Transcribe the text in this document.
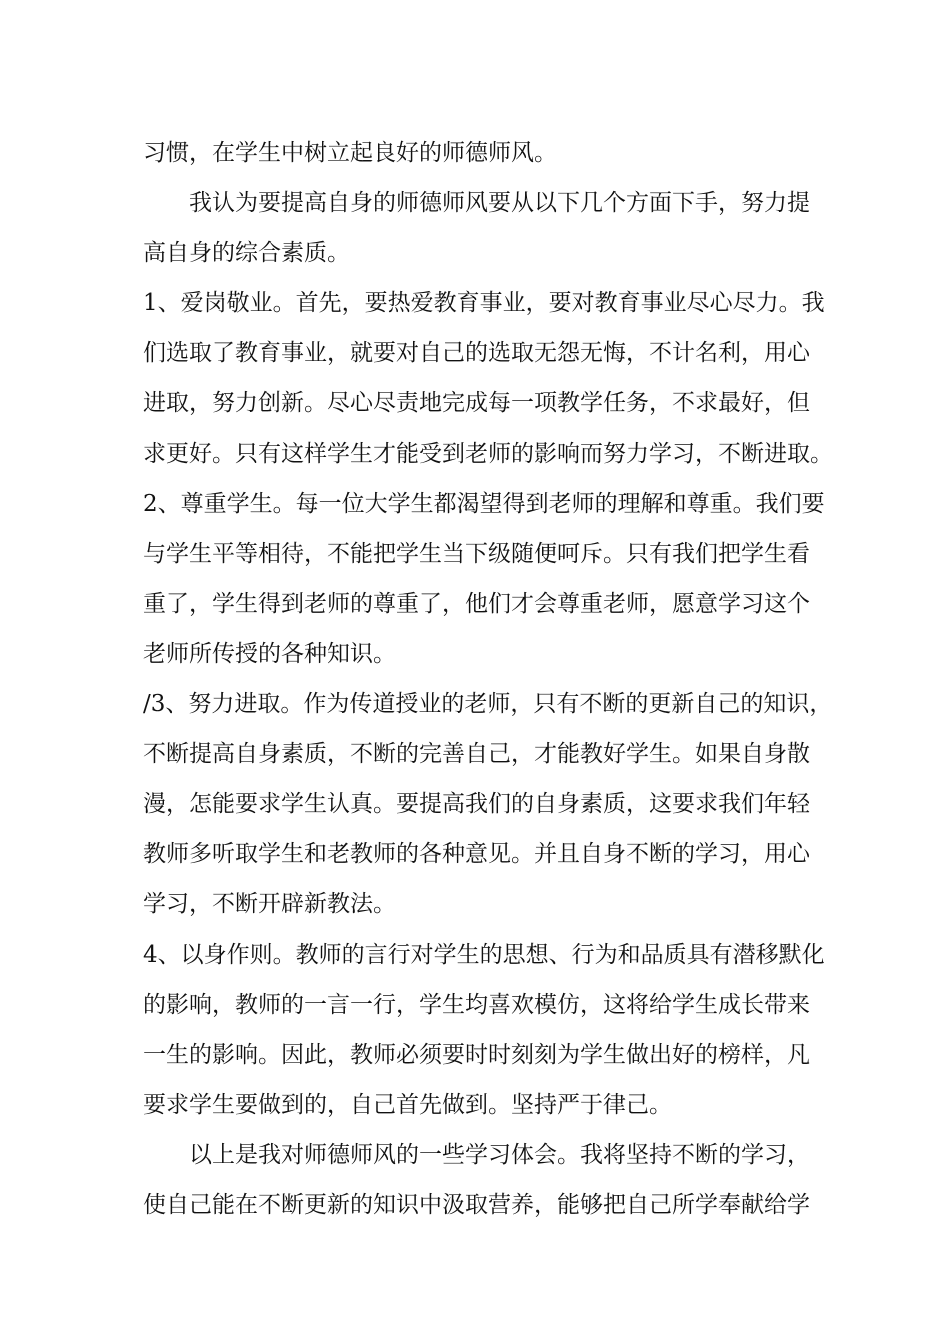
习惯，在学生中树立起良好的师德师风。
我认为要提高自身的师德师风要从以下几个方面下手，努力提
高自身的综合素质。
1、爱岗敬业。首先，要热爱教育事业，要对教育事业尽心尽力。我
们选取了教育事业，就要对自己的选取无怨无悔，不计名利，用心
进取，努力创新。尽心尽责地完成每一项教学任务，不求最好，但
求更好。只有这样学生才能受到老师的影响而努力学习，不断进取。
2、尊重学生。每一位大学生都渴望得到老师的理解和尊重。我们要
与学生平等相待，不能把学生当下级随便呵斥。只有我们把学生看
重了，学生得到老师的尊重了，他们才会尊重老师，愿意学习这个
老师所传授的各种知识。
/3、努力进取。作为传道授业的老师，只有不断的更新自己的知识，
不断提高自身素质，不断的完善自己，才能教好学生。如果自身散
漫，怎能要求学生认真。要提高我们的自身素质，这要求我们年轻
教师多听取学生和老教师的各种意见。并且自身不断的学习，用心
学习，不断开辟新教法。
4、以身作则。教师的言行对学生的思想、行为和品质具有潜移默化
的影响，教师的一言一行，学生均喜欢模仿，这将给学生成长带来
一生的影响。因此，教师必须要时时刻刻为学生做出好的榜样，凡
要求学生要做到的，自己首先做到。坚持严于律己。
以上是我对师德师风的一些学习体会。我将坚持不断的学习，
使自己能在不断更新的知识中汲取营养，能够把自己所学奉献给学
